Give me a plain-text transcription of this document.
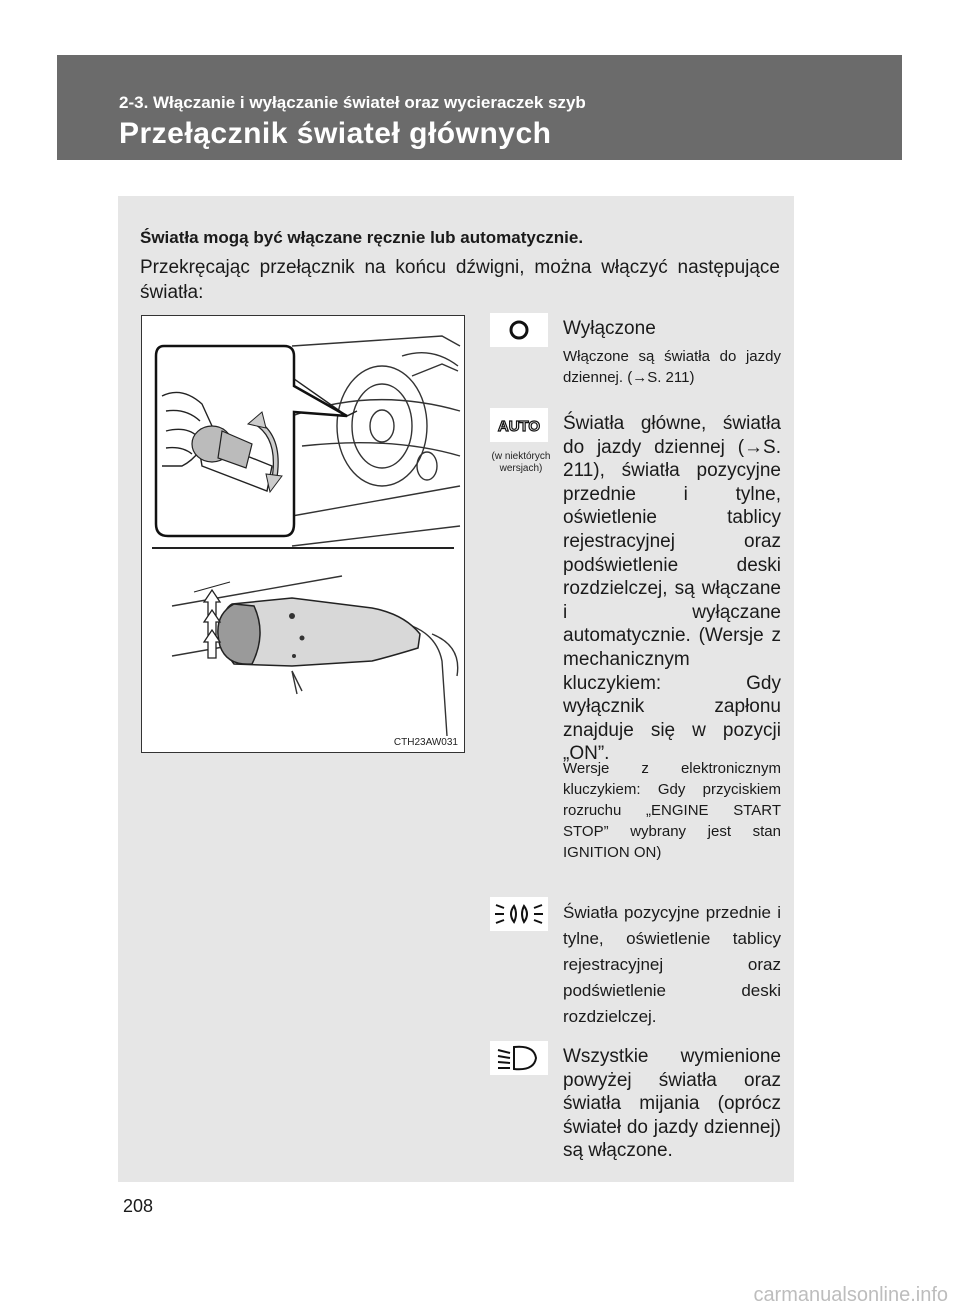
2-3. Włączanie i wyłączanie świateł oraz wycieraczek szyb
Przełącznik świateł głównych
Światła mogą być włączane ręcznie lub automatycznie.
Przekręcając przełącznik na końcu dźwigni, można włączyć następujące światła:
CTH23AW031
Wyłączone
Włączone są światła do jazdy dziennej. (→S. 211)
AUTO
(w niektórych wersjach)
Światła główne, światła do jazdy dziennej (→S. 211), światła pozycyjne przednie i tylne, oświetlenie tablicy rejestracyjnej oraz podświetlenie deski rozdzielczej, są włączane i wyłączane automatycznie. (Wersje z mechanicznym kluczykiem: Gdy wyłącznik zapłonu znajduje się w pozycji „ON”.
Wersje z elektronicznym kluczykiem: Gdy przyciskiem rozruchu „ENGINE START STOP” wybrany jest stan IGNITION ON)
Światła pozycyjne przednie i tylne, oświetlenie tablicy rejestracyjnej oraz podświetlenie deski rozdzielczej.
Wszystkie wymienione powyżej światła oraz światła mijania (oprócz świateł do jazdy dziennej) są włączone.
208
carmanualsonline.info
